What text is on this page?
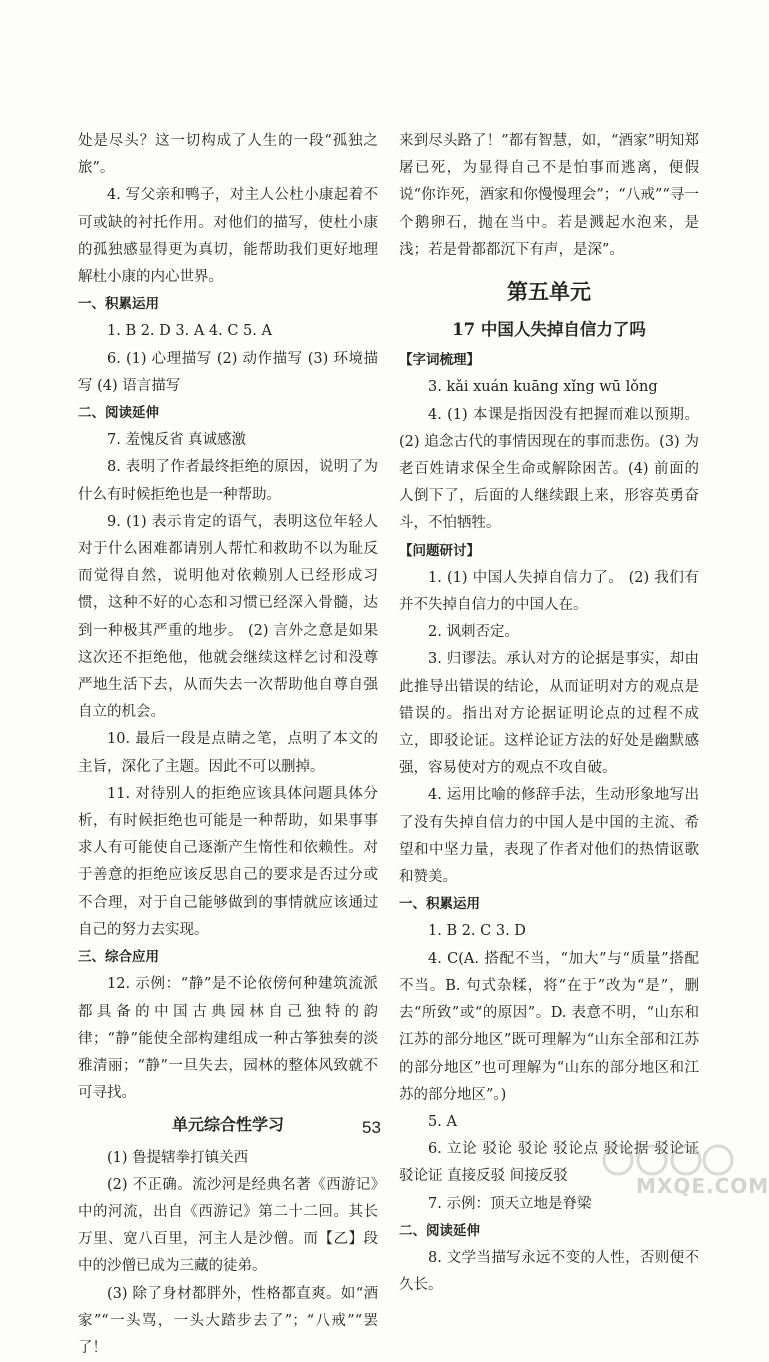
处是尽头？这一切构成了人生的一段“孤独之旅”。

4. 写父亲和鸭子，对主人公杜小康起着不可或缺的衬托作用。对他们的描写，使杜小康的孤独感显得更为真切，能帮助我们更好地理解杜小康的内心世界。

一、积累运用

1. B 2. D 3. A 4. C 5. A

6. (1) 心理描写 (2) 动作描写 (3) 环境描写 (4) 语言描写

二、阅读延伸

7. 羞愧反省 真诚感激

8. 表明了作者最终拒绝的原因，说明了为什么有时候拒绝也是一种帮助。

9. (1) 表示肯定的语气，表明这位年轻人对于什么困难都请别人帮忙和救助不以为耻反而觉得自然，说明他对依赖别人已经形成习惯，这种不好的心态和习惯已经深入骨髓，达到一种极其严重的地步。 (2) 言外之意是如果这次还不拒绝他，他就会继续这样乞讨和没尊严地生活下去，从而失去一次帮助他自尊自强自立的机会。

10. 最后一段是点睛之笔，点明了本文的主旨，深化了主题。因此不可以删掉。

11. 对待别人的拒绝应该具体问题具体分析，有时候拒绝也可能是一种帮助，如果事事求人有可能使自己逐渐产生惰性和依赖性。对于善意的拒绝应该反思自己的要求是否过分或不合理，对于自己能够做到的事情就应该通过自己的努力去实现。

三、综合应用

12. 示例：“静”是不论依傍何种建筑流派都具备的中国古典园林自己独特的韵律；“静”能使全部构建组成一种古筝独奏的淡雅清丽；“静”一旦失去，园林的整体风致就不可寻找。

单元综合性学习

(1) 鲁提辖拳打镇关西

(2) 不正确。流沙河是经典名著《西游记》中的河流，出自《西游记》第二十二回。其长万里、宽八百里，河主人是沙僧。而【乙】段中的沙僧已成为三藏的徒弟。

(3) 除了身材都胖外，性格都直爽。如“酒家”“一头骂，一头大踏步去了”；“八戒”“罢了！

来到尽头路了！”都有智慧，如，“酒家”明知郑屠已死，为显得自己不是怕事而逃离，便假说“你诈死，酒家和你慢慢理会”；“八戒”“寻一个鹅卵石，抛在当中。若是溅起水泡来，是浅；若是骨都都沉下有声，是深”。

第五单元
17 中国人失掉自信力了吗

【字词梳理】

3. kǎi xuán kuāng xǐng wū lǒng

4. (1) 本课是指因没有把握而难以预期。(2) 追念古代的事情因现在的事而悲伤。(3) 为老百姓请求保全生命或解除困苦。(4) 前面的人倒下了，后面的人继续跟上来，形容英勇奋斗，不怕牺牲。

【问题研讨】

1. (1) 中国人失掉自信力了。 (2) 我们有并不失掉自信力的中国人在。

2. 讽刺否定。

3. 归谬法。承认对方的论据是事实，却由此推导出错误的结论，从而证明对方的观点是错误的。指出对方论据证明论点的过程不成立，即驳论证。这样论证方法的好处是幽默感强，容易使对方的观点不攻自破。

4. 运用比喻的修辞手法，生动形象地写出了没有失掉自信力的中国人是中国的主流、希望和中坚力量，表现了作者对他们的热情讴歌和赞美。

一、积累运用

1. B 2. C 3. D

4. C(A. 搭配不当，“加大”与“质量”搭配不当。B. 句式杂糅，将“在于”改为“是”，删去“所致”或“的原因”。D. 表意不明，“山东和江苏的部分地区”既可理解为“山东全部和江苏的部分地区”也可理解为“山东的部分地区和江苏的部分地区”。)

5. A

6. 立论 驳论 驳论 驳论点 驳论据 驳论证 驳论证 直接反驳 间接反驳

7. 示例：顶天立地是脊梁

二、阅读延伸

8. 文学当描写永远不变的人性，否则便不久长。

53
MXQE.COM
